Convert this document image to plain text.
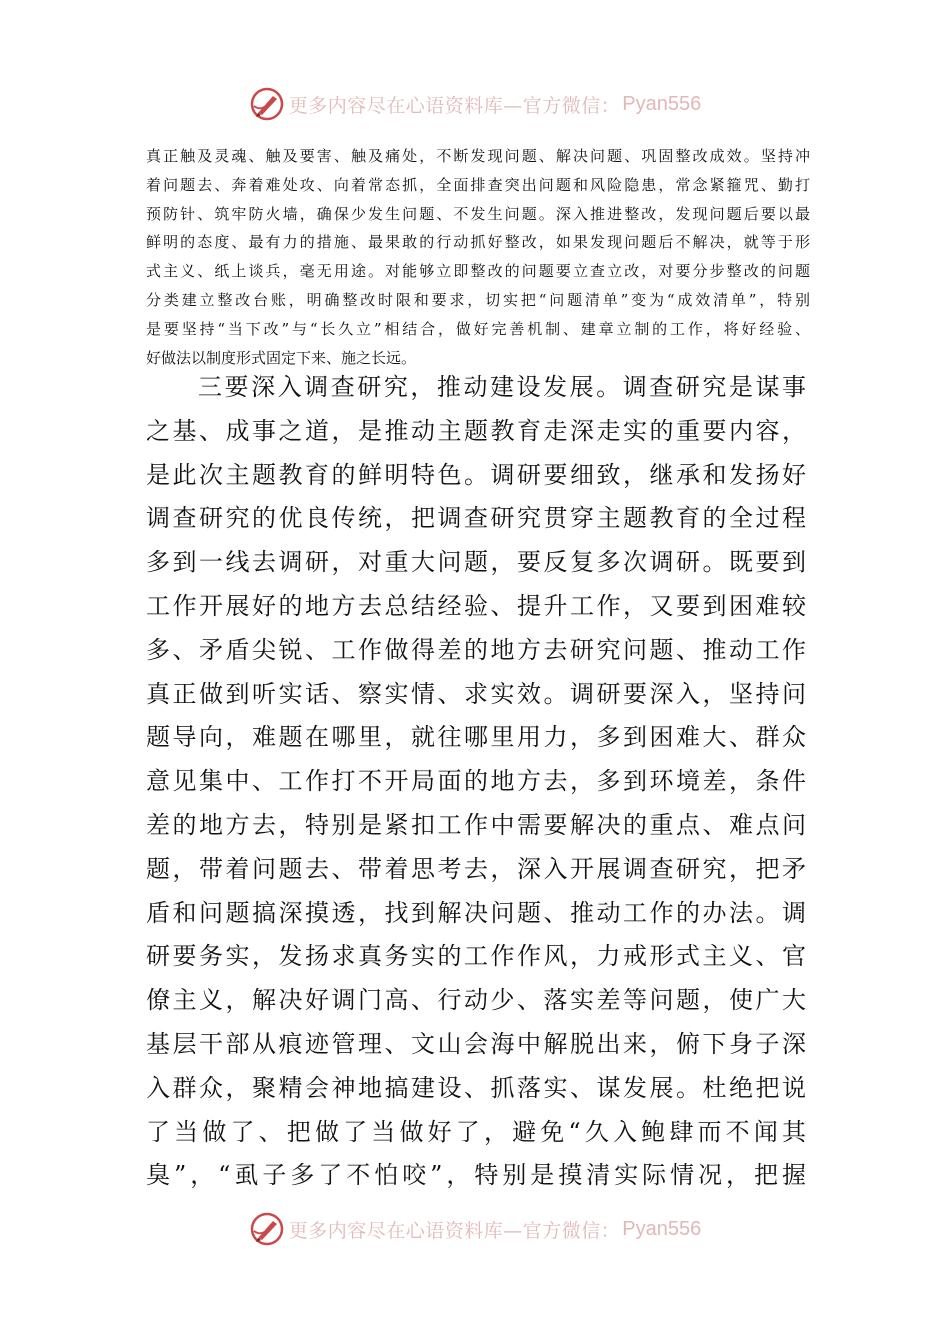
更多内容尽在心语资料库—官方微信： Pyan556
真正触及灵魂、触及要害、触及痛处，不断发现问题、解决问题、巩固整改成效。坚持冲
着问题去、奔着难处攻、向着常态抓，全面排查突出问题和风险隐患，常念紧箍咒、勤打
预防针、筑牢防火墙，确保少发生问题、不发生问题。深入推进整改，发现问题后要以最
鲜明的态度、最有力的措施、最果敢的行动抓好整改，如果发现问题后不解决，就等于形
式主义、纸上谈兵，毫无用途。对能够立即整改的问题要立查立改，对要分步整改的问题
分类建立整改台账，明确整改时限和要求，切实把“问题清单”变为“成效清单”，特别
是要坚持“当下改”与“长久立”相结合，做好完善机制、建章立制的工作，将好经验、
好做法以制度形式固定下来、施之长远。
三要深入调查研究，推动建设发展。调查研究是谋事
之基、成事之道，是推动主题教育走深走实的重要内容，
是此次主题教育的鲜明特色。调研要细致，继承和发扬好
调查研究的优良传统，把调查研究贯穿主题教育的全过程
多到一线去调研，对重大问题，要反复多次调研。既要到
工作开展好的地方去总结经验、提升工作，又要到困难较
多、矛盾尖锐、工作做得差的地方去研究问题、推动工作
真正做到听实话、察实情、求实效。调研要深入，坚持问
题导向，难题在哪里，就往哪里用力，多到困难大、群众
意见集中、工作打不开局面的地方去，多到环境差，条件
差的地方去，特别是紧扣工作中需要解决的重点、难点问
题，带着问题去、带着思考去，深入开展调查研究，把矛
盾和问题搞深摸透，找到解决问题、推动工作的办法。调
研要务实，发扬求真务实的工作作风，力戒形式主义、官
僚主义，解决好调门高、行动少、落实差等问题，使广大
基层干部从痕迹管理、文山会海中解脱出来，俯下身子深
入群众，聚精会神地搞建设、抓落实、谋发展。杜绝把说
了当做了、把做了当做好了，避免“久入鲍肆而不闻其
臭”，“虱子多了不怕咬”，特别是摸清实际情况，把握
更多内容尽在心语资料库—官方微信： Pyan556
